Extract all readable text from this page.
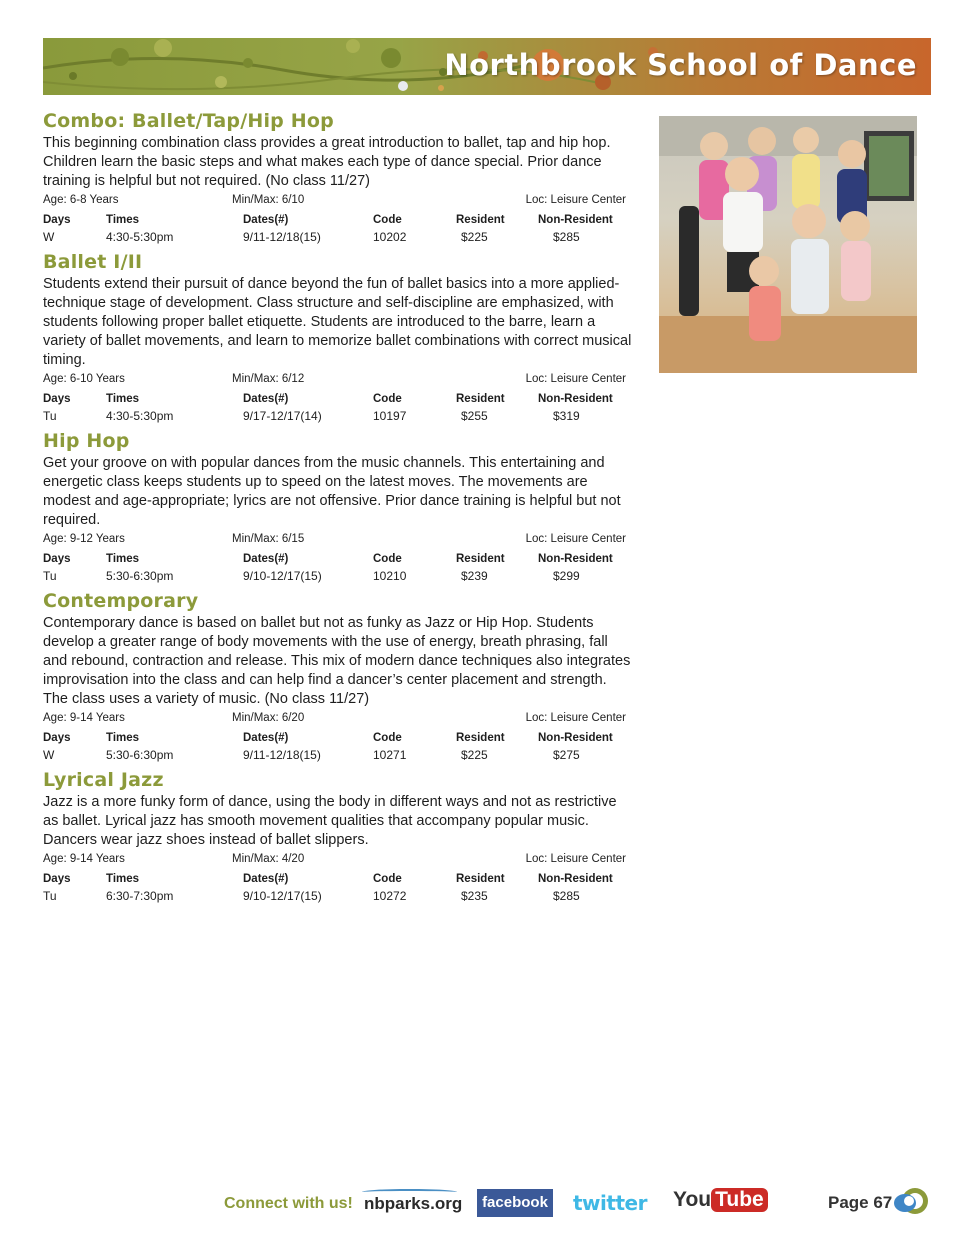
Northbrook School of Dance
Combo: Ballet/Tap/Hip Hop
This beginning combination class provides a great introduction to ballet, tap and hip hop. Children learn the basic steps and what makes each type of dance special. Prior dance training is helpful but not required. (No class 11/27)
Age: 6-8 Years	Min/Max: 6/10	Loc: Leisure Center
Days	Times	Dates(#)	Code	Resident	Non-Resident
W	4:30-5:30pm	9/11-12/18(15)	10202	$225	$285
Ballet I/II
Students extend their pursuit of dance beyond the fun of ballet basics into a more applied-technique stage of development. Class structure and self-discipline are emphasized, with students following proper ballet etiquette. Students are introduced to the barre, learn a variety of ballet movements, and learn to memorize ballet combinations with correct musical timing.
Age: 6-10 Years	Min/Max: 6/12	Loc: Leisure Center
Days	Times	Dates(#)	Code	Resident	Non-Resident
Tu	4:30-5:30pm	9/17-12/17(14)	10197	$255	$319
Hip Hop
Get your groove on with popular dances from the music channels. This entertaining and energetic class keeps students up to speed on the latest moves. The movements are modest and age-appropriate; lyrics are not offensive. Prior dance training is helpful but not required.
Age: 9-12 Years	Min/Max: 6/15	Loc: Leisure Center
Days	Times	Dates(#)	Code	Resident	Non-Resident
Tu	5:30-6:30pm	9/10-12/17(15)	10210	$239	$299
Contemporary
Contemporary dance is based on ballet but not as funky as Jazz or Hip Hop. Students develop a greater range of body movements with the use of energy, breath phrasing, fall and rebound, contraction and release. This mix of modern dance techniques also integrates improvisation into the class and can help find a dancer’s center placement and strength. The class uses a variety of music. (No class 11/27)
Age: 9-14 Years	Min/Max: 6/20	Loc: Leisure Center
Days	Times	Dates(#)	Code	Resident	Non-Resident
W	5:30-6:30pm	9/11-12/18(15)	10271	$225	$275
Lyrical Jazz
Jazz is a more funky form of dance, using the body in different ways and not as restrictive as ballet. Lyrical jazz has smooth movement qualities that accompany popular music. Dancers wear jazz shoes instead of ballet slippers.
Age: 9-14 Years	Min/Max: 4/20	Loc: Leisure Center
Days	Times	Dates(#)	Code	Resident	Non-Resident
Tu	6:30-7:30pm	9/10-12/17(15)	10272	$235	$285
Connect with us! nbparks.org	facebook twitter You Tube	Page 67
